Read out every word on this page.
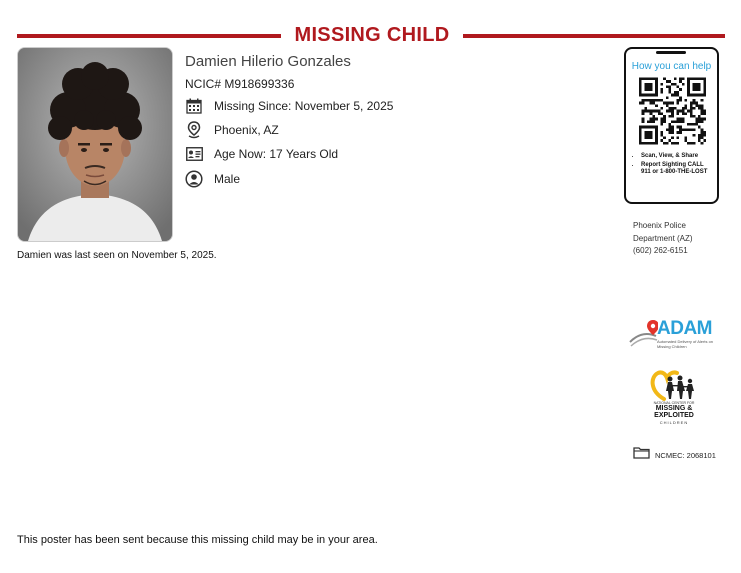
MISSING CHILD
Damien Hilerio Gonzales
NCIC# M918699336
Missing Since: November 5, 2025
Phoenix, AZ
Age Now: 17 Years Old
Male
Damien was last seen on November 5, 2025.
How you can help
• Scan, View, & Share
• Report Sighting CALL 911 or 1-800-THE-LOST
Phoenix Police
Department (AZ)
(602) 262-6151
ADAM
Automated Delivery of Alerts on Missing Children
NATIONAL CENTER FOR
MISSING &
EXPLOITED
CHILDREN
NCMEC: 2068101
This poster has been sent because this missing child may be in your area.
